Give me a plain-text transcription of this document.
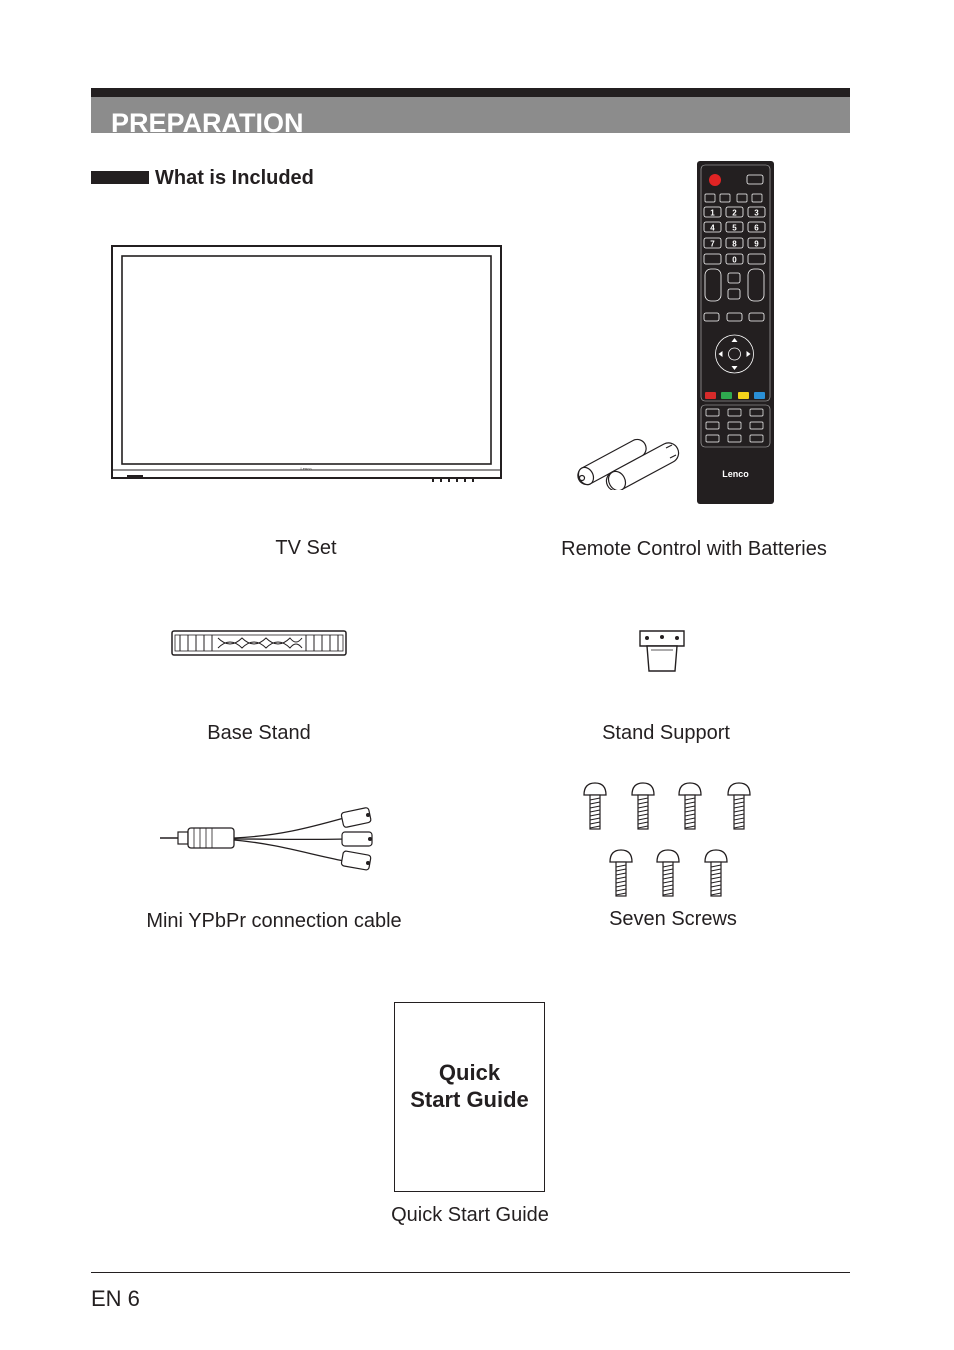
PREPARATION
What is Included
Lenco
1 2 3
4 5 6
7 8 9
0
Lenco
TV Set	Remote Control with Batteries
Base Stand	Stand Support
Mini YPbPr connection cable	Seven Screws
Quick
Start Guide
Quick Start Guide
EN 6
